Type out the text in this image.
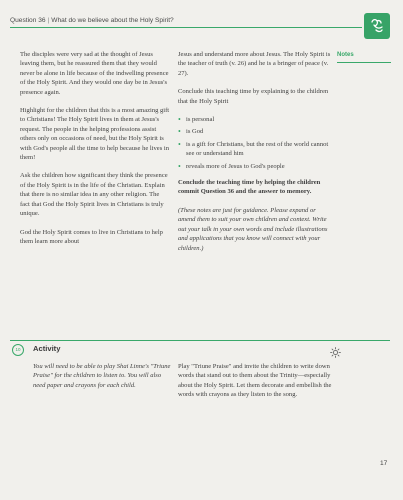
Question 36 | What do we believe about the Holy Spirit?

The disciples were very sad at the thought of Jesus leaving them, but he reassured them that they would never be alone in life because of the indwelling presence of the Holy Spirit. And they would one day be in Jesus's presence again.

Highlight for the children that this is a most amazing gift to Christians! The Holy Spirit lives in them at Jesus's request. The people in the helping professions assist others only on occasions of need, but the Holy Spirit is with God's people all the time to help because he lives in them!

Ask the children how significant they think the presence of the Holy Spirit is in the life of the Christian. Explain that there is no similar idea in any other religion. The fact that God the Holy Spirit lives in Christians is truly unique.

God the Holy Spirit comes to live in Christians to help them learn more about

Jesus and understand more about Jesus. The Holy Spirit is the teacher of truth (v. 26) and he is a bringer of peace (v. 27).

Conclude this teaching time by explaining to the children that the Holy Spirit

• is personal
• is God
• is a gift for Christians, but the rest of the world cannot see or understand him
• reveals more of Jesus to God's people

Conclude the teaching time by helping the children commit Question 36 and the answer to memory.

(These notes are just for guidance. Please expand or amend them to suit your own children and context. Write out your talk in your own words and include illustrations and applications that you know will connect with your children.)

Notes
10	Activity

You will need to be able to play Shai Linne's "Triune Praise" for the children to listen to. You will also need paper and crayons for each child.

Play "Triune Praise" and invite the children to write down words that stand out to them about the Trinity—especially about the Holy Spirit. Let them decorate and embellish the words with crayons as they listen to the song.

17
